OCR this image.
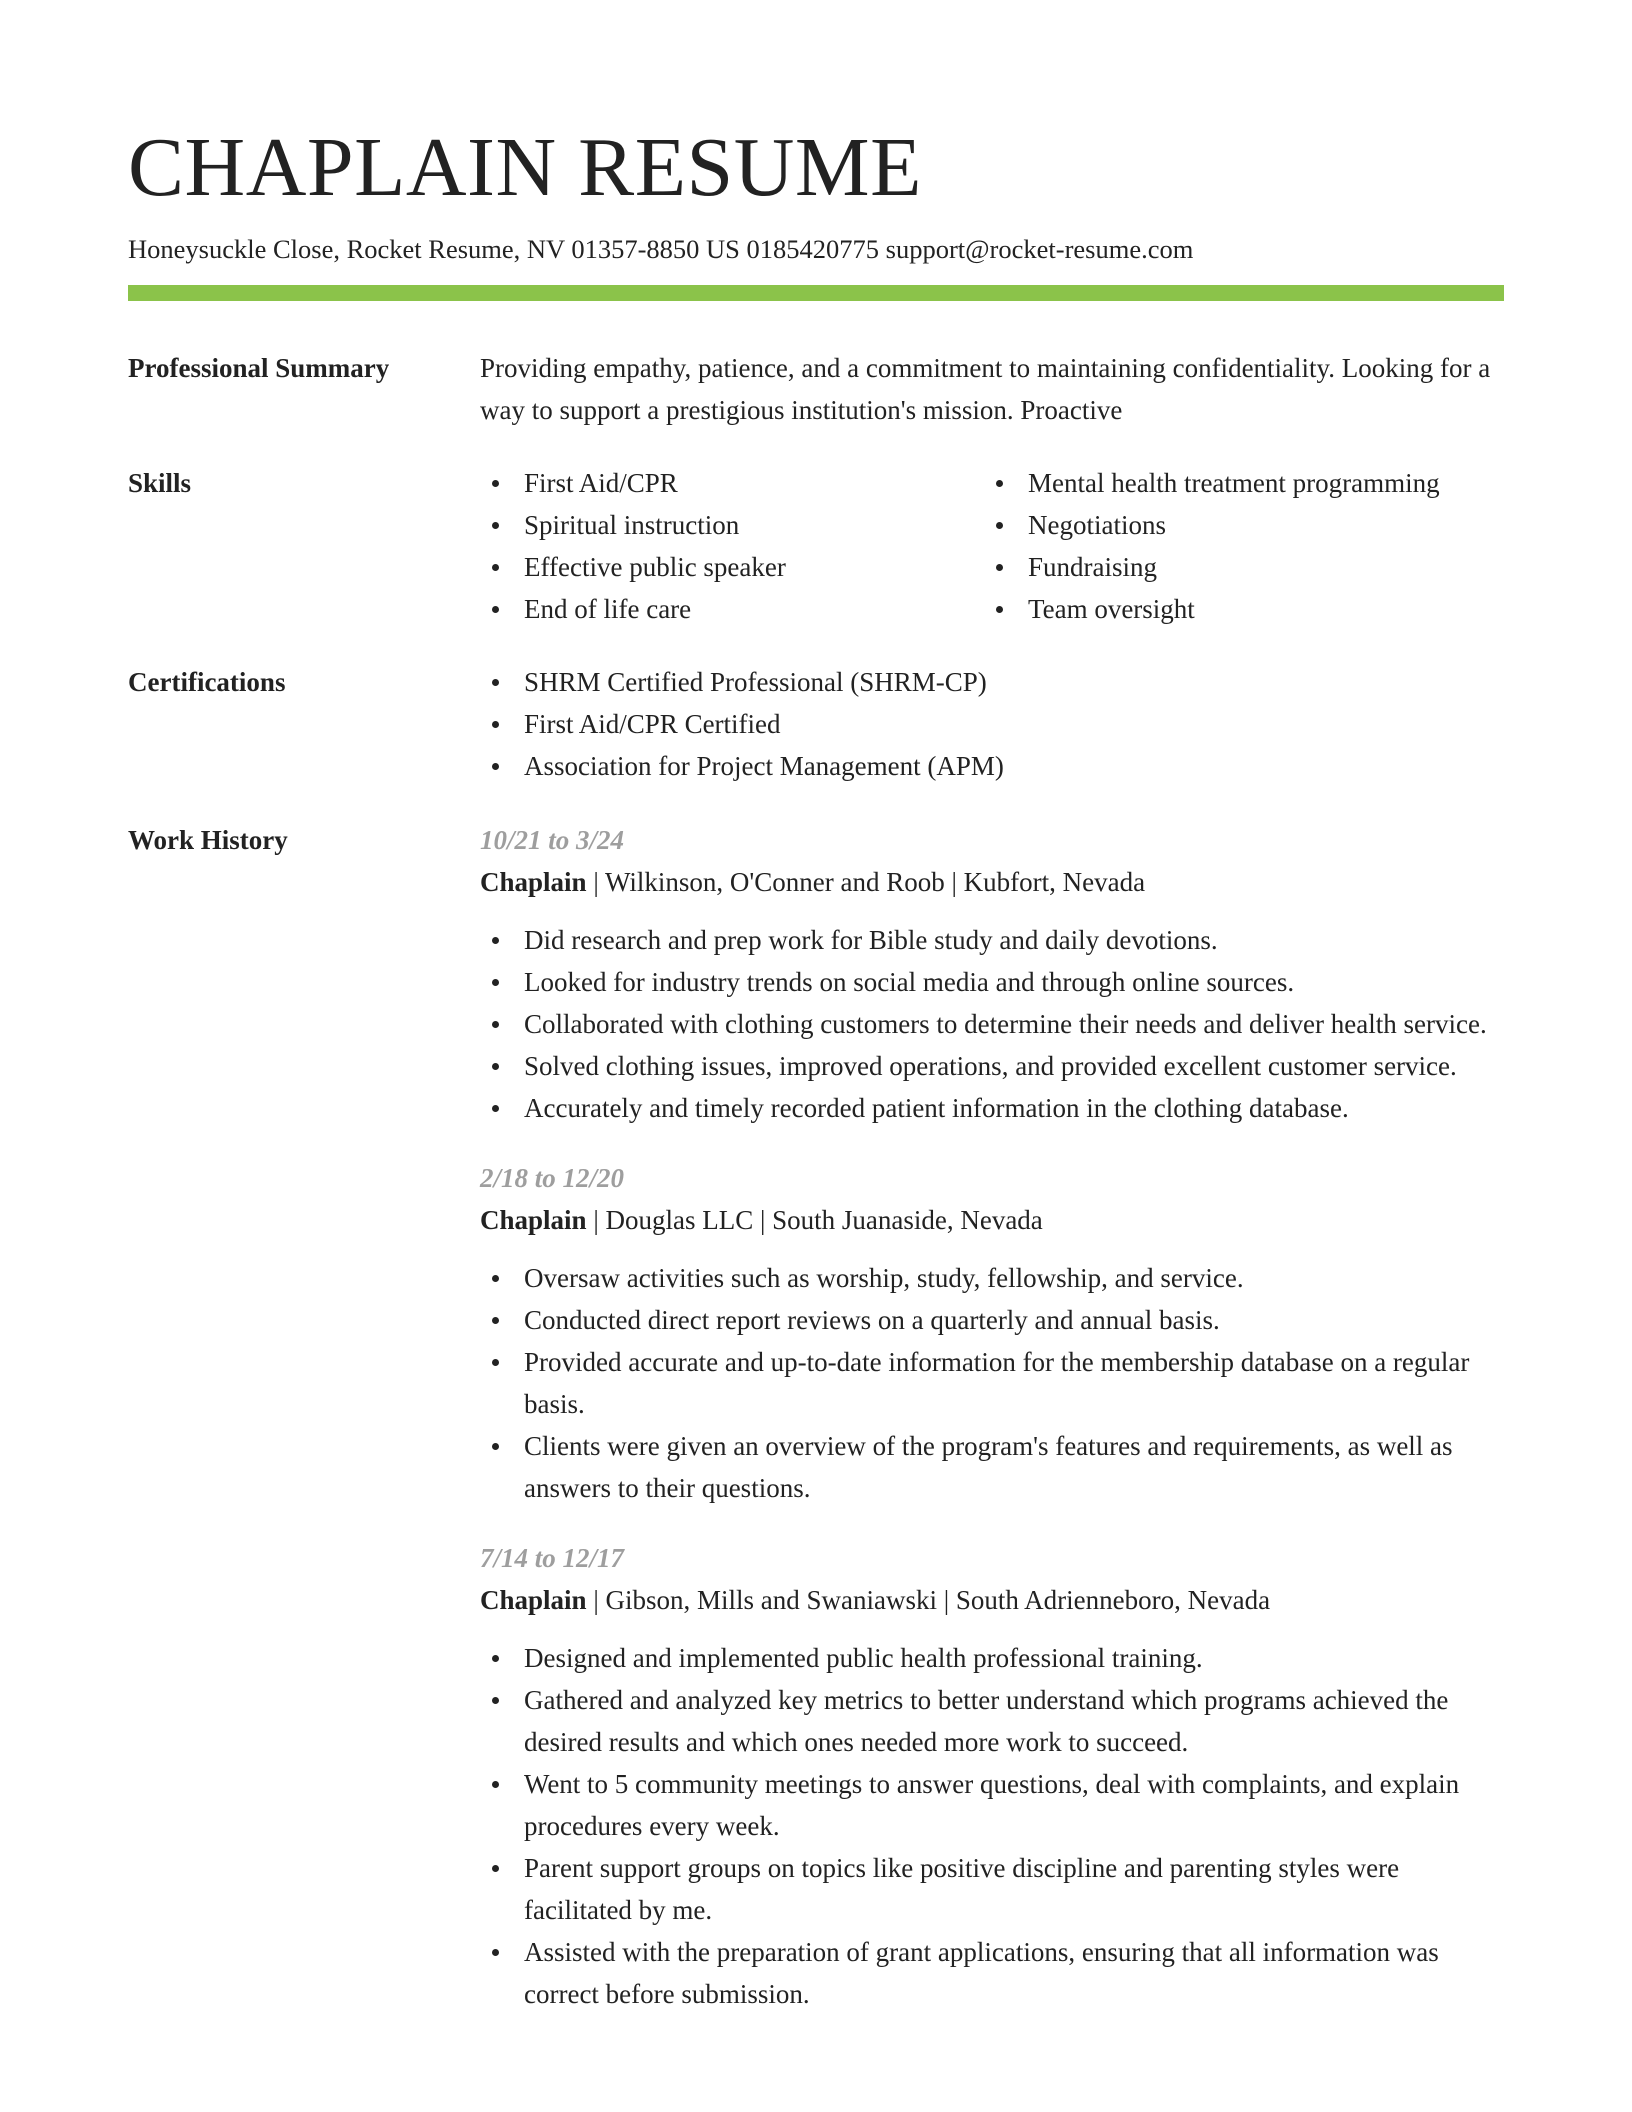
CHAPLAIN RESUME
Honeysuckle Close, Rocket Resume, NV 01357-8850 US 0185420775 support@rocket-resume.com
Professional Summary	Providing empathy, patience, and a commitment to maintaining confidentiality. Looking for a way to support a prestigious institution's mission. Proactive

Skills	First Aid/CPR
Spiritual instruction
Effective public speaker
End of life care
Mental health treatment programming
Negotiations
Fundraising
Team oversight
Certifications	SHRM Certified Professional (SHRM-CP)
First Aid/CPR Certified
Association for Project Management (APM)
Work History	10/21 to 3/24
Chaplain | Wilkinson, O'Conner and Roob | Kubfort, Nevada
Did research and prep work for Bible study and daily devotions.
Looked for industry trends on social media and through online sources.
Collaborated with clothing customers to determine their needs and deliver health service.
Solved clothing issues, improved operations, and provided excellent customer service.
Accurately and timely recorded patient information in the clothing database.
2/18 to 12/20
Chaplain | Douglas LLC | South Juanaside, Nevada
Oversaw activities such as worship, study, fellowship, and service.
Conducted direct report reviews on a quarterly and annual basis.
Provided accurate and up-to-date information for the membership database on a regular basis.
Clients were given an overview of the program's features and requirements, as well as answers to their questions.
7/14 to 12/17
Chaplain | Gibson, Mills and Swaniawski | South Adrienneboro, Nevada
Designed and implemented public health professional training.
Gathered and analyzed key metrics to better understand which programs achieved the desired results and which ones needed more work to succeed.
Went to 5 community meetings to answer questions, deal with complaints, and explain procedures every week.
Parent support groups on topics like positive discipline and parenting styles were facilitated by me.
Assisted with the preparation of grant applications, ensuring that all information was correct before submission.
